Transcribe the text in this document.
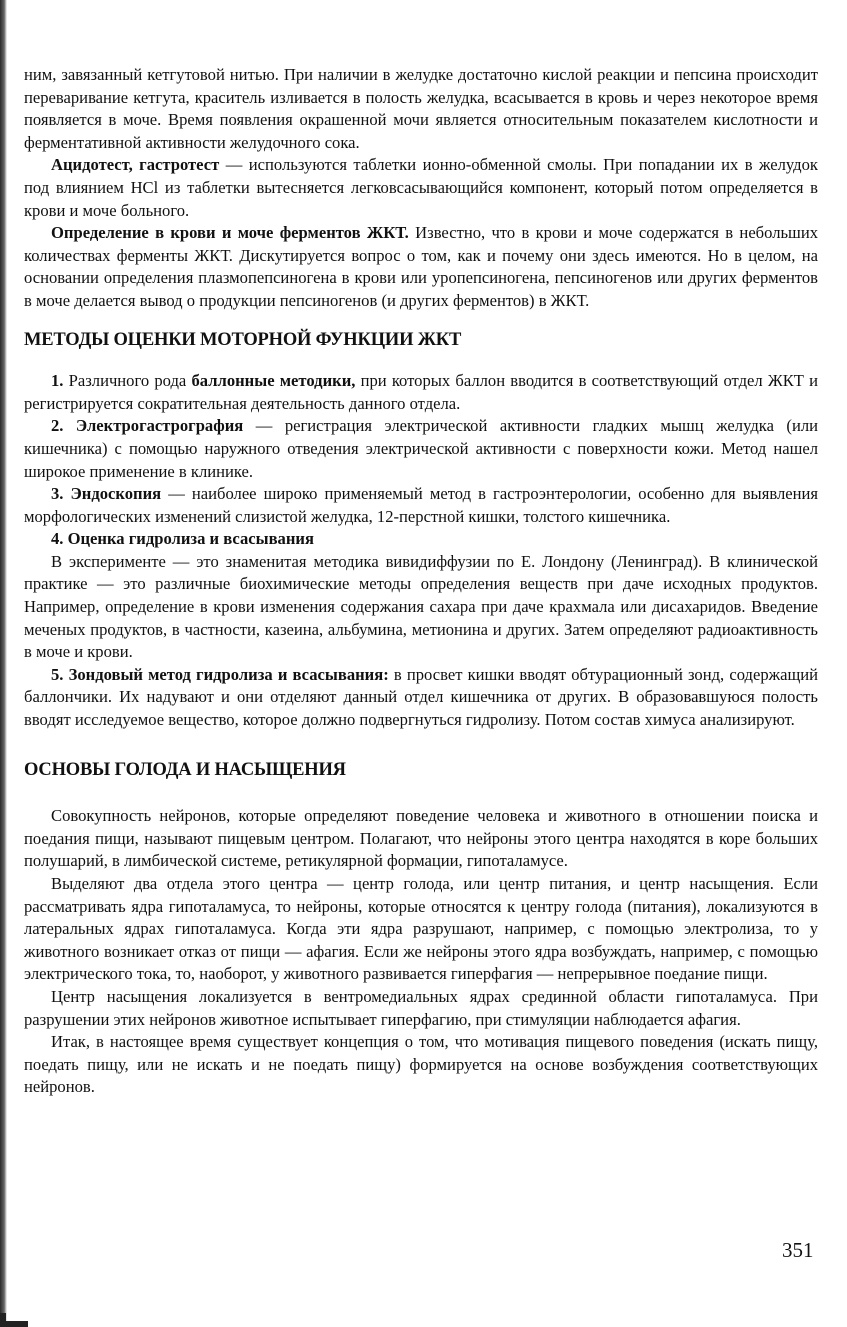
ним, завязанный кетгутовой нитью. При наличии в желудке достаточно кислой реакции и пепсина происходит переваривание кетгута, краситель изливается в полость желудка, всасывается в кровь и через некоторое время появляется в моче. Время появления окрашенной мочи является относительным показателем кислотности и ферментативной активности желудочного сока.

Ацидотест, гастротест — используются таблетки ионно-обменной смолы. При попадании их в желудок под влиянием HCl из таблетки вытесняется легковсасывающийся компонент, который потом определяется в крови и моче больного.

Определение в крови и моче ферментов ЖКТ. Известно, что в крови и моче содержатся в небольших количествах ферменты ЖКТ. Дискутируется вопрос о том, как и почему они здесь имеются. Но в целом, на основании определения плазмопепсиногена в крови или уропепсиногена, пепсиногенов или других ферментов в моче делается вывод о продукции пепсиногенов (и других ферментов) в ЖКТ.

МЕТОДЫ ОЦЕНКИ МОТОРНОЙ ФУНКЦИИ ЖКТ

1. Различного рода баллонные методики, при которых баллон вводится в соответствующий отдел ЖКТ и регистрируется сократительная деятельность данного отдела.

2. Электрогастрография — регистрация электрической активности гладких мышц желудка (или кишечника) с помощью наружного отведения электрической активности с поверхности кожи. Метод нашел широкое применение в клинике.

3. Эндоскопия — наиболее широко применяемый метод в гастроэнтерологии, особенно для выявления морфологических изменений слизистой желудка, 12-перстной кишки, толстого кишечника.

4. Оценка гидролиза и всасывания

В эксперименте — это знаменитая методика вивидиффузии по Е. Лондону (Ленинград). В клинической практике — это различные биохимические методы определения веществ при даче исходных продуктов. Например, определение в крови изменения содержания сахара при даче крахмала или дисахаридов. Введение меченых продуктов, в частности, казеина, альбумина, метионина и других. Затем определяют радиоактивность в моче и крови.

5. Зондовый метод гидролиза и всасывания: в просвет кишки вводят обтурационный зонд, содержащий баллончики. Их надувают и они отделяют данный отдел кишечника от других. В образовавшуюся полость вводят исследуемое вещество, которое должно подвергнуться гидролизу. Потом состав химуса анализируют.

ОСНОВЫ ГОЛОДА И НАСЫЩЕНИЯ

Совокупность нейронов, которые определяют поведение человека и животного в отношении поиска и поедания пищи, называют пищевым центром. Полагают, что нейроны этого центра находятся в коре больших полушарий, в лимбической системе, ретикулярной формации, гипоталамусе.

Выделяют два отдела этого центра — центр голода, или центр питания, и центр насыщения. Если рассматривать ядра гипоталамуса, то нейроны, которые относятся к центру голода (питания), локализуются в латеральных ядрах гипоталамуса. Когда эти ядра разрушают, например, с помощью электролиза, то у животного возникает отказ от пищи — афагия. Если же нейроны этого ядра возбуждать, например, с помощью электрического тока, то, наоборот, у животного развивается гиперфагия — непрерывное поедание пищи.

Центр насыщения локализуется в вентромедиальных ядрах срединной области гипоталамуса. При разрушении этих нейронов животное испытывает гиперфагию, при стимуляции наблюдается афагия.

Итак, в настоящее время существует концепция о том, что мотивация пищевого поведения (искать пищу, поедать пищу, или не искать и не поедать пищу) формируется на основе возбуждения соответствующих нейронов.

351
